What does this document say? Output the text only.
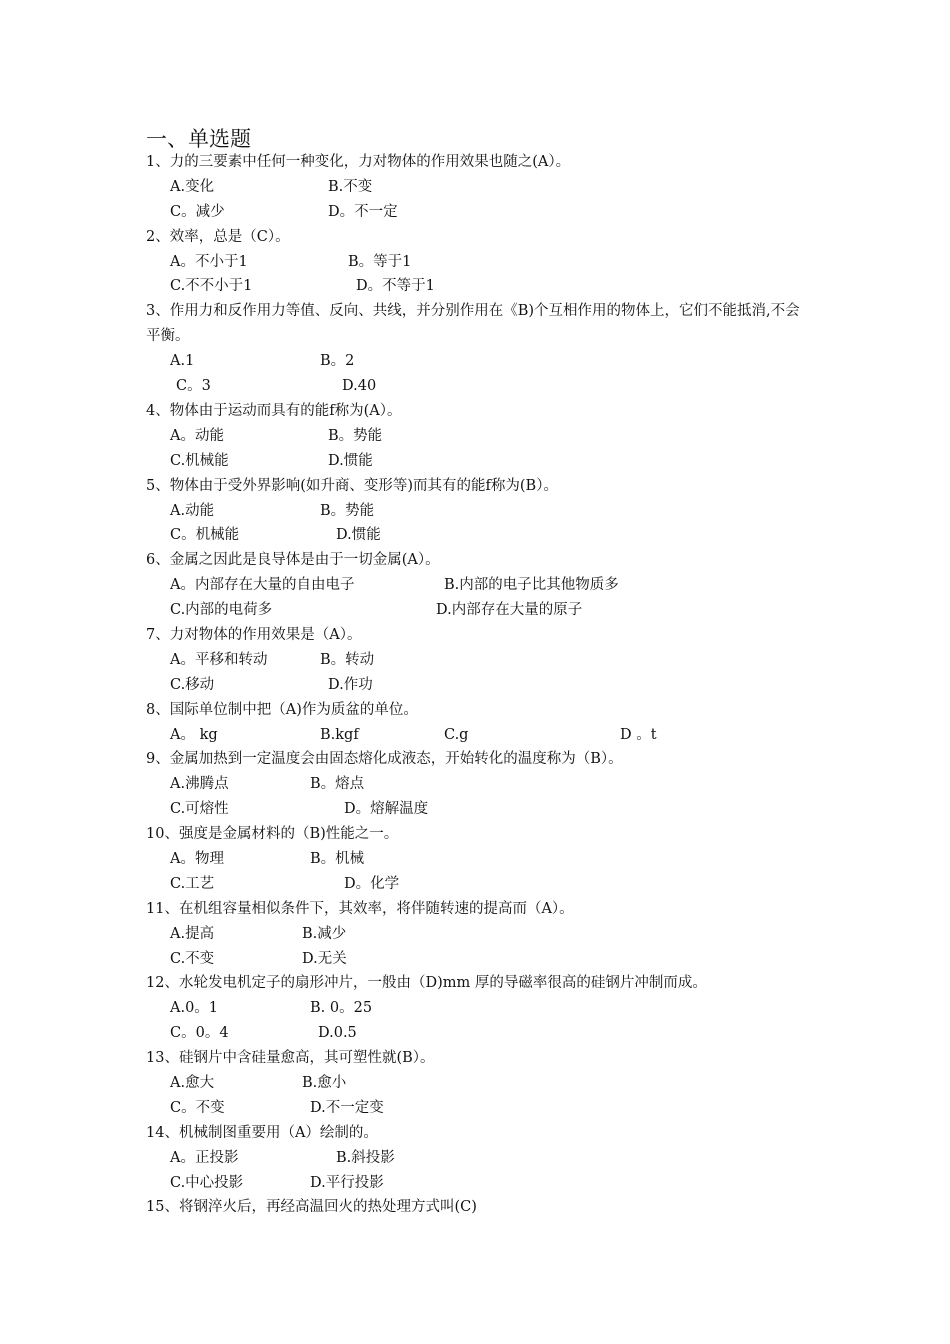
一、单选题
1、力的三要素中任何一种变化，力对物体的作用效果也随之(A）。
A.变化	B.不变
C。减少	D。不一定
2、效率，总是（C）。
A。不小于1	B。等于1
C.不不小于1	D。不等于1
3、作用力和反作用力等值、反向、共线，并分别作用在《B)个互相作用的物体上，它们不能抵消,不会平衡。
A.1	B。2
C。3	D.40
4、物体由于运动而具有的能f称为(A）。
A。动能	B。势能
C.机械能	D.惯能
5、物体由于受外界影响(如升商、变形等)而其有的能f称为(B）。
A.动能	B。势能
C。机械能	D.惯能
6、金属之因此是良导体是由于一切金属(A）。
A。内部存在大量的自由电子	B.内部的电子比其他物质多
C.内部的电荷多	D.内部存在大量的原子
7、力对物体的作用效果是（A）。
A。平移和转动	B。转动
C.移动	D.作功
8、国际单位制中把（A)作为质盆的单位。
A。 kg	B.kgf	C.g	D 。t
9、金属加热到一定温度会由固态熔化成液态，开始转化的温度称为（B）。
A.沸腾点	B。熔点
C.可熔性	D。熔解温度
10、强度是金属材料的（B)性能之一。
A。物理	B。机械
C.工艺	D。化学
11、在机组容量相似条件下，其效率，将伴随转速的提高而（A）。
A.提高	B.减少
C.不变	D.无关
12、水轮发电机定子的扇形冲片，一般由（D)mm 厚的导磁率很高的硅钢片冲制而成。
A.0。1	B. 0。25
C。0。4	D.0.5
13、硅钢片中含硅量愈高，其可塑性就(B）。
A.愈大	B.愈小
C。不变	D.不一定变
14、机械制图重要用（A）绘制的。
A。正投影	B.斜投影
C.中心投影	D.平行投影
15、将钢淬火后，再经高温回火的热处理方式叫(C)
